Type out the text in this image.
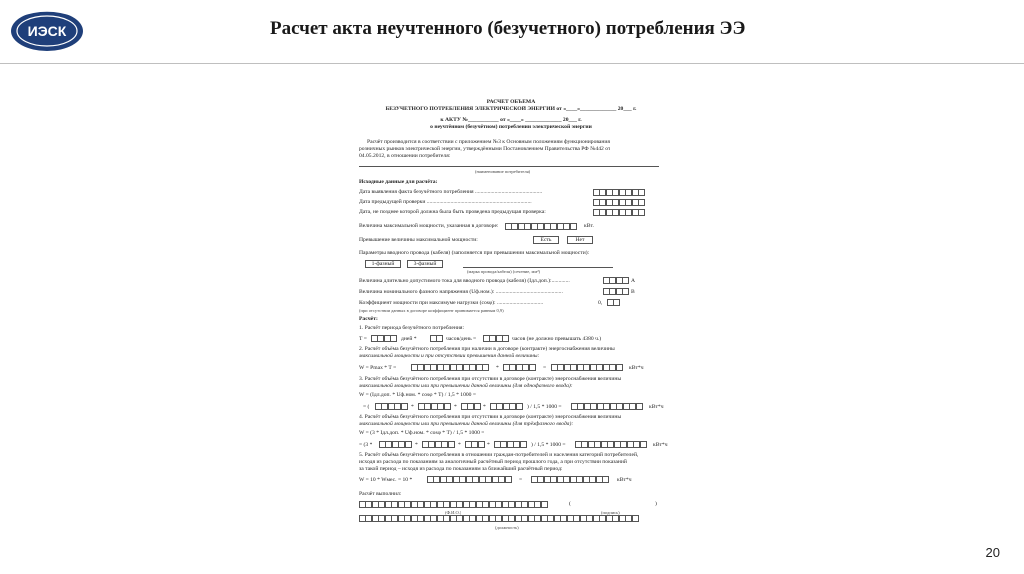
ИЭСК	Расчет акта неучтенного (безучетного) потребления ЭЭ
РАСЧЁТ ОБЪЁМА
БЕЗУЧЁТНОГО ПОТРЕБЛЕНИЯ ЭЛЕКТРИЧЕСКОЙ ЭНЕРГИИ от «____»_____________ 20___ г.
к АКТУ №___________ от «____» _____________ 20___ г.
о неучтённом (безучётном) потреблении электрической энергии
Расчёт производится в соответствии с приложением №3 к Основным положениям функционирования
розничных рынков электрической энергии, утверждёнными Постановлением Правительства РФ №442 от
04.05.2012, в отношении потребителя:
(наименование потребителя)
Исходные данные для расчёта:
Дата выявления факта безучётного потребления ................................................
Дата предыдущей проверки ...........................................................................
Дата, не позднее которой должна была быть проведена предыдущая проверка:
Величина максимальной мощности, указанная в договоре:	кВт.
Превышение величины максимальной мощности:	Есть	Нет
Параметры вводного провода (кабеля) (заполняется при превышении максимальной мощности):
1-фазный	3-фазный
(марка провода/кабеля) (сечение, мм²)
Величина длительно допустимого тока для вводного провода (кабеля) (Iдл.доп.):.............	А
Величина номинального фазного напряжения (Uф.ном.): ................................................	В
Коэффициент мощности при максимуме нагрузки (cosφ): .................................	0,
(при отсутствии данных в договоре коэффициент принимается равным 0,9)
Расчёт:
1. Расчёт периода безучётного потребления:
T =	дней *	часов/день =	часов (не должно превышать 4380 ч.)
2. Расчёт объёма безучётного потребления при наличии в договоре (контракте) энергоснабжения величины
максимальной мощности и при отсутствии превышения данной величины:
W = Pmax * T =	*	=	кВт*ч
3. Расчёт объёма безучётного потребления при отсутствии в договоре (контракте) энергоснабжения величины
максимальной мощности или при превышении данной величины (для однофазного ввода):
W = (Iдл.доп. * Uф.ном. * cosφ * T) / 1,5 * 1000 =
= (	*	*	*	) / 1,5 * 1000 =	кВт*ч
4. Расчёт объёма безучётного потребления при отсутствии в договоре (контракте) энергоснабжения величины
максимальной мощности или при превышении данной величины (для трёхфазного ввода):
W = (3 * Iдл.доп. * Uф.ном. * cosφ * T) / 1,5 * 1000 =
= (3 *	*	*	*	) / 1,5 * 1000 =	кВт*ч
5. Расчёт объёма безучётного потребления в отношении граждан-потребителей и населения категорий потребителей,
исходя из расхода по показаниям за аналогичный расчётный период прошлого года, а при отсутствии показаний
за такой период – исходя из расхода по показаниям за ближайший расчётный период:
W = 10 * Wмес. = 10 *	=	кВт*ч
Расчёт выполнил:
(	)
(Ф.И.О.)	(подпись)
(должность)
20
